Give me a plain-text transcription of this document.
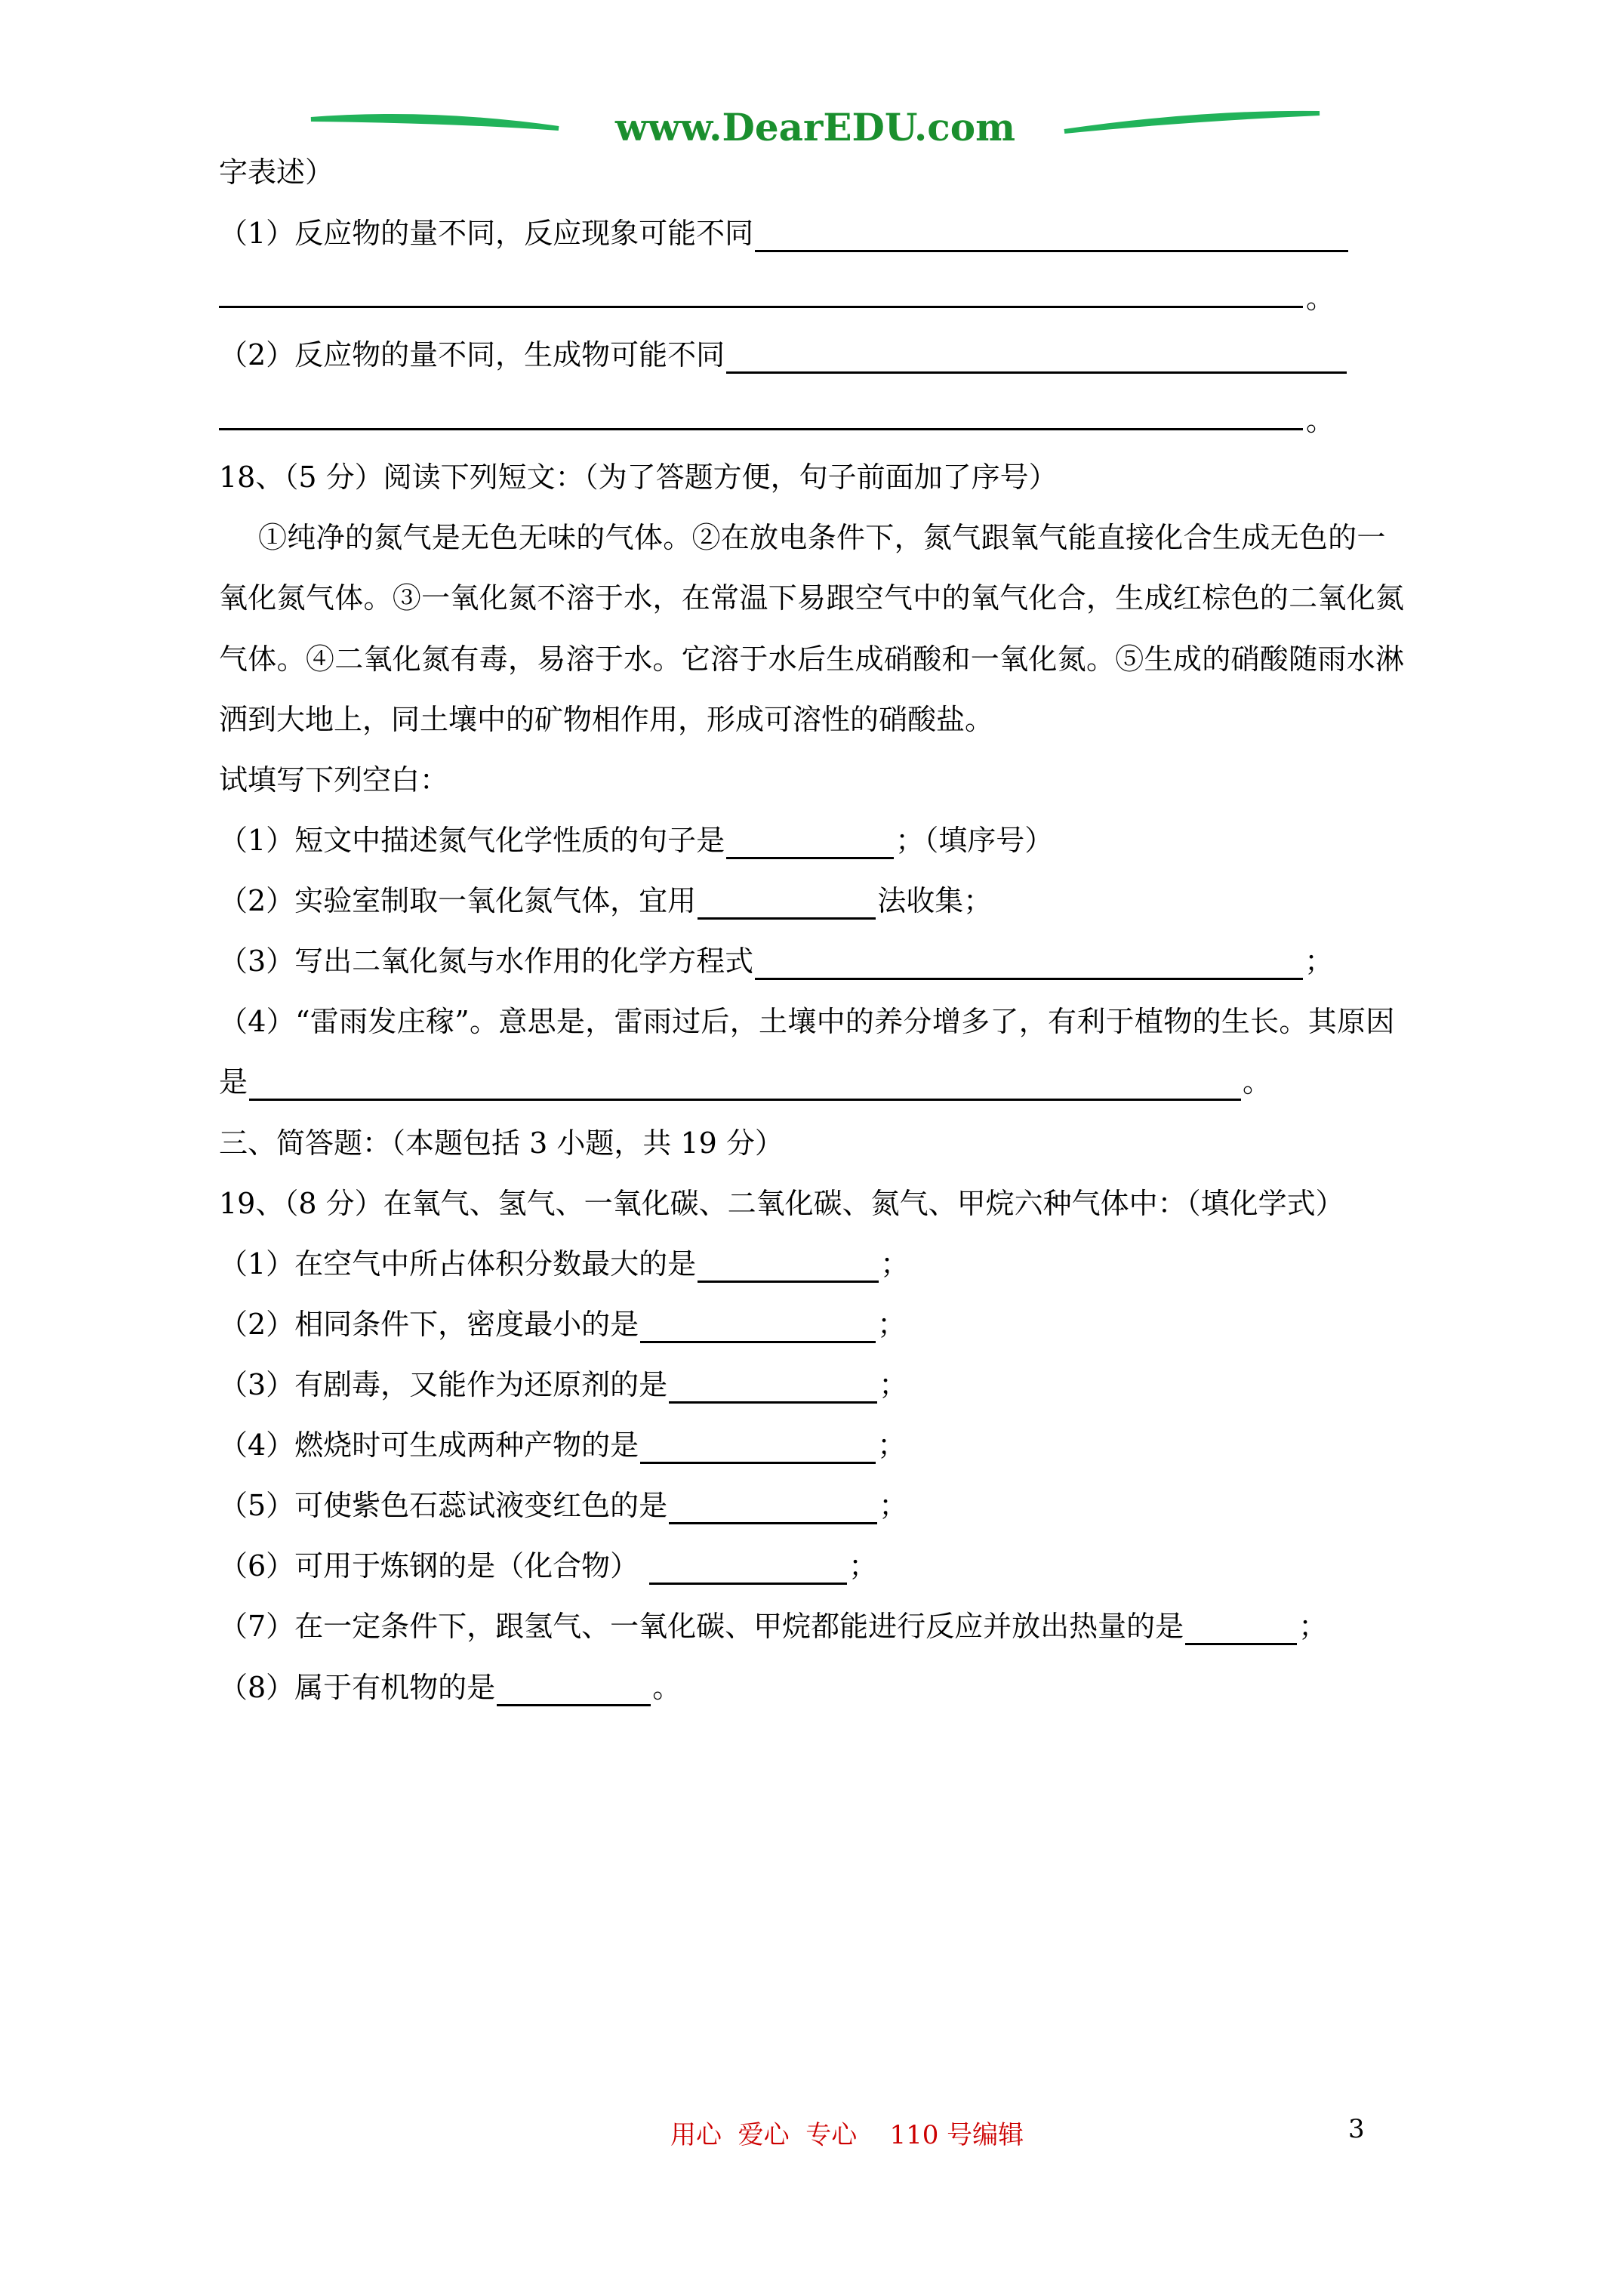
www.DearEDU.com
字表述）
（1）反应物的量不同，反应现象可能不同
。
（2）反应物的量不同，生成物可能不同
。
18、（5 分）阅读下列短文：（为了答题方便，句子前面加了序号）
①纯净的氮气是无色无味的气体。②在放电条件下，氮气跟氧气能直接化合生成无色的一
氧化氮气体。③一氧化氮不溶于水，在常温下易跟空气中的氧气化合，生成红棕色的二氧化氮
气体。④二氧化氮有毒，易溶于水。它溶于水后生成硝酸和一氧化氮。⑤生成的硝酸随雨水淋
洒到大地上，同土壤中的矿物相作用，形成可溶性的硝酸盐。
试填写下列空白：
（1）短文中描述氮气化学性质的句子是	；（填序号）
（2）实验室制取一氧化氮气体，宜用	法收集；
（3）写出二氧化氮与水作用的化学方程式	；
（4）“雷雨发庄稼”。意思是，雷雨过后，土壤中的养分增多了，有利于植物的生长。其原因
是	。
三、简答题：（本题包括 3 小题，共 19 分）
19、（8 分）在氧气、氢气、一氧化碳、二氧化碳、氮气、甲烷六种气体中：（填化学式）
（1）在空气中所占体积分数最大的是	；
（2）相同条件下，密度最小的是	；
（3）有剧毒，又能作为还原剂的是	；
（4）燃烧时可生成两种产物的是	；
（5）可使紫色石蕊试液变红色的是	；
（6）可用于炼钢的是（化合物）	；
（7）在一定条件下，跟氢气、一氧化碳、甲烷都能进行反应并放出热量的是	；
（8）属于有机物的是	。
用心  爱心  专心    110 号编辑	3
